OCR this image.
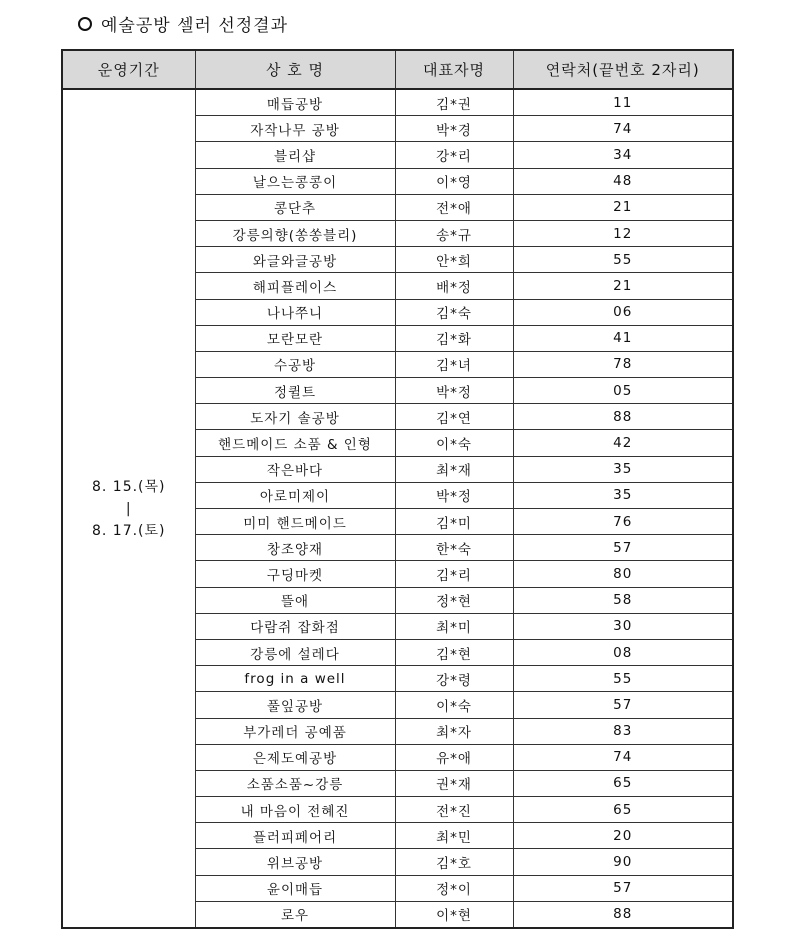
예술공방 셀러 선정결과
운영기간	상 호 명	대표자명	연락처(끝번호 2자리)

8. 15.(목)
|
8. 17.(토)	매듭공방	김*권	11
	자작나무 공방	박*경	74
	블리샵	강*리	34
	날으는콩콩이	이*영	48
	콩단추	전*애	21
	강릉의향(쏭쏭블리)	송*규	12
	와글와글공방	안*희	55
	해피플레이스	배*정	21
	나나쭈니	김*숙	06
	모란모란	김*화	41
	수공방	김*녀	78
	정퀼트	박*정	05
	도자기 솔공방	김*연	88
	핸드메이드 소품 & 인형	이*숙	42
	작은바다	최*재	35
	아로미제이	박*정	35
	미미 핸드메이드	김*미	76
	창조양재	한*숙	57
	구딩마켓	김*리	80
	뜰애	정*현	58
	다람쥐 잡화점	최*미	30
	강릉에 설레다	김*현	08
	frog in a well	강*령	55
	풀잎공방	이*숙	57
	부가레더 공예품	최*자	83
	은제도예공방	유*애	74
	소품소품~강릉	권*재	65
	내 마음이 전혜진	전*진	65
	플러피페어리	최*민	20
	위브공방	김*호	90
	윤이매듭	정*이	57
	로우	이*현	88
